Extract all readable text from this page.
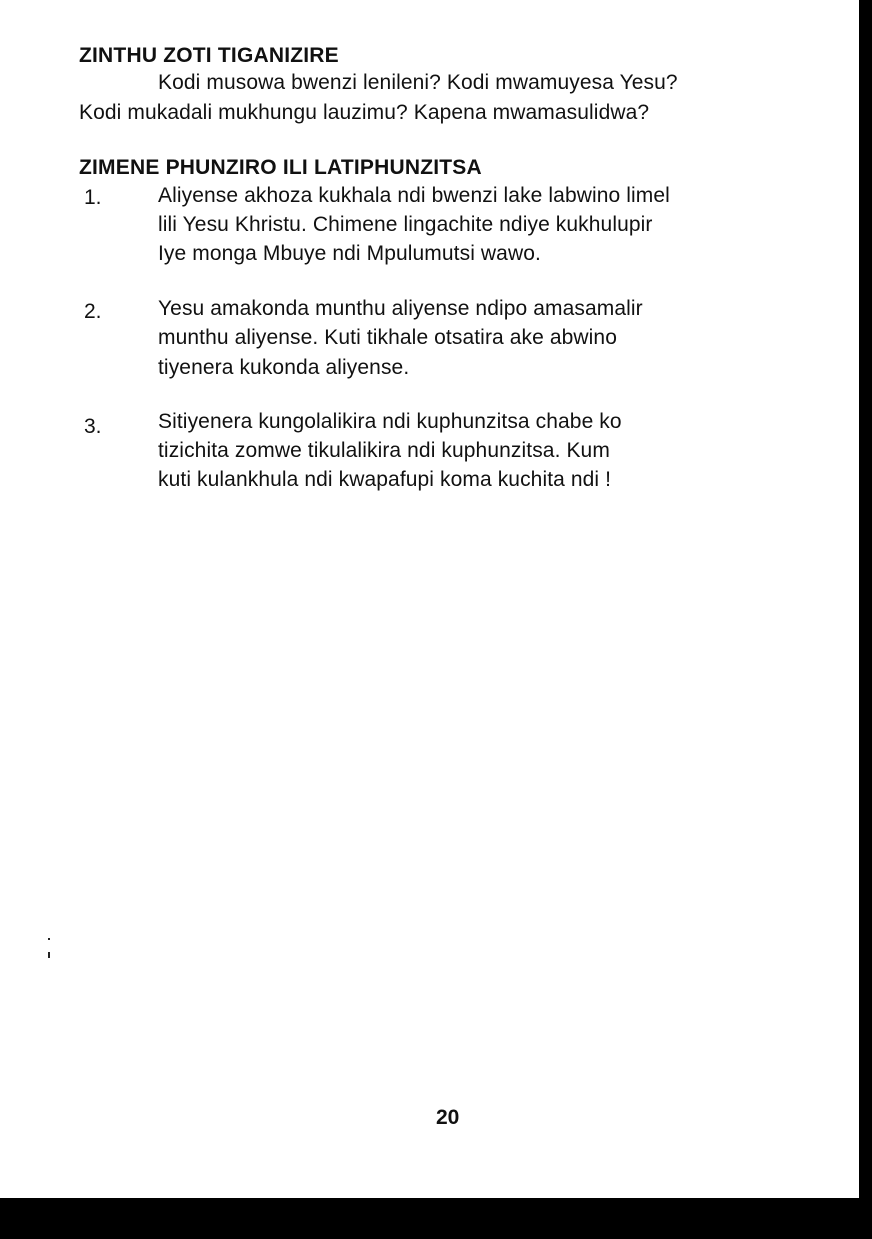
ZINTHU ZOTI TIGANIZIRE
Kodi musowa bwenzi lenileni? Kodi mwamuyesa Yesu?
Kodi mukadali mukhungu lauzimu? Kapena mwamasulidwa?
ZIMENE PHUNZIRO ILI LATIPHUNZITSA
1.	Aliyense akhoza kukhala ndi bwenzi lake labwino limel
lili Yesu Khristu. Chimene lingachite ndiye kukhulupir
Iye monga Mbuye ndi Mpulumutsi wawo.
2.	Yesu amakonda munthu aliyense ndipo amasamalir
munthu aliyense. Kuti tikhale otsatira ake abwino
tiyenera kukonda aliyense.
3.	Sitiyenera kungolalikira ndi kuphunzitsa chabe ko
tizichita zomwe tikulalikira ndi kuphunzitsa. Kum
kuti kulankhula ndi kwapafupi koma kuchita ndi !
20
